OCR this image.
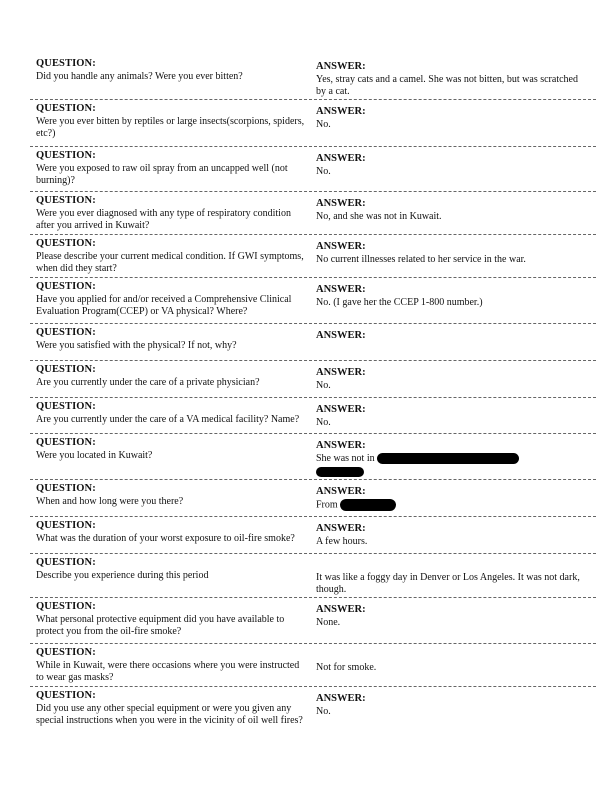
QUESTION:
Did you handle any animals? Were you ever bitten?
ANSWER:
Yes, stray cats and a camel. She was not bitten, but was scratched by a cat.
QUESTION:
Were you ever bitten by reptiles or large insects(scorpions, spiders, etc?)
ANSWER:
No.
QUESTION:
Were you exposed to raw oil spray from an uncapped well (not burning)?
ANSWER:
No.
QUESTION:
Were you ever diagnosed with any type of respiratory condition after you arrived in Kuwait?
ANSWER:
No, and she was not in Kuwait.
QUESTION:
Please describe your current medical condition. If GWI symptoms, when did they start?
ANSWER:
No current illnesses related to her service in the war.
QUESTION:
Have you applied for and/or received a Comprehensive Clinical Evaluation Program(CCEP) or VA physical? Where?
ANSWER:
No. (I gave her the CCEP 1-800 number.)
QUESTION:
Were you satisfied with the physical? If not, why?
ANSWER:
QUESTION:
Are you currently under the care of a private physician?
ANSWER:
No.
QUESTION:
Are you currently under the care of a VA medical facility? Name?
ANSWER:
No.
QUESTION:
Were you located in Kuwait?
ANSWER:
She was not in

QUESTION:
When and how long were you there?
ANSWER:
From
QUESTION:
What was the duration of your worst exposure to oil-fire smoke?
ANSWER:
A few hours.
QUESTION:
Describe you experience during this period	It was like a foggy day in Denver or Los Angeles. It was not dark, though.
QUESTION:
What personal protective equipment did you have available to protect you from the oil-fire smoke?
ANSWER:
None.
QUESTION:
While in Kuwait, were there occasions where you were instructed to wear gas masks?
Not for smoke.
QUESTION:
Did you use any other special equipment or were you given any special instructions when you were in the vicinity of oil well fires?
ANSWER:
No.
